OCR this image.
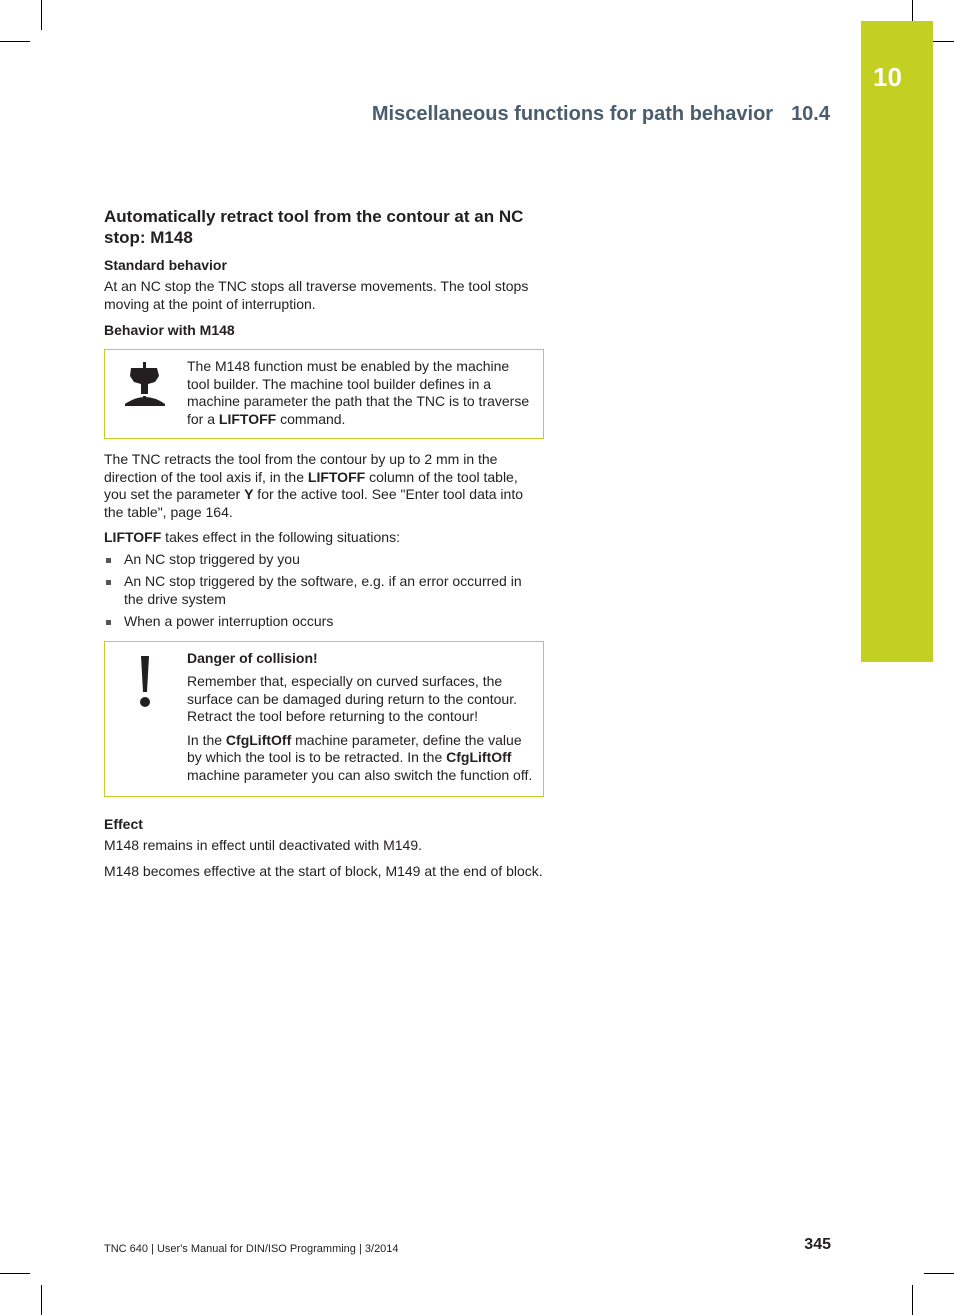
10
Miscellaneous functions for path behavior 10.4
Automatically retract tool from the contour at an NC stop: M148
Standard behavior

At an NC stop the TNC stops all traverse movements. The tool stops moving at the point of interruption.

Behavior with M148

The M148 function must be enabled by the machine tool builder. The machine tool builder defines in a machine parameter the path that the TNC is to traverse for a LIFTOFF command.

The TNC retracts the tool from the contour by up to 2 mm in the direction of the tool axis if, in the LIFTOFF column of the tool table, you set the parameter Y for the active tool. See "Enter tool data into the table", page 164.

LIFTOFF takes effect in the following situations:

An NC stop triggered by you
An NC stop triggered by the software, e.g. if an error occurred in the drive system
When a power interruption occurs

Danger of collision!

Remember that, especially on curved surfaces, the surface can be damaged during return to the contour. Retract the tool before returning to the contour!

In the CfgLiftOff machine parameter, define the value by which the tool is to be retracted. In the CfgLiftOff machine parameter you can also switch the function off.

Effect

M148 remains in effect until deactivated with M149.

M148 becomes effective at the start of block, M149 at the end of block.

TNC 640 | User's Manual for DIN/ISO Programming | 3/2014	345
